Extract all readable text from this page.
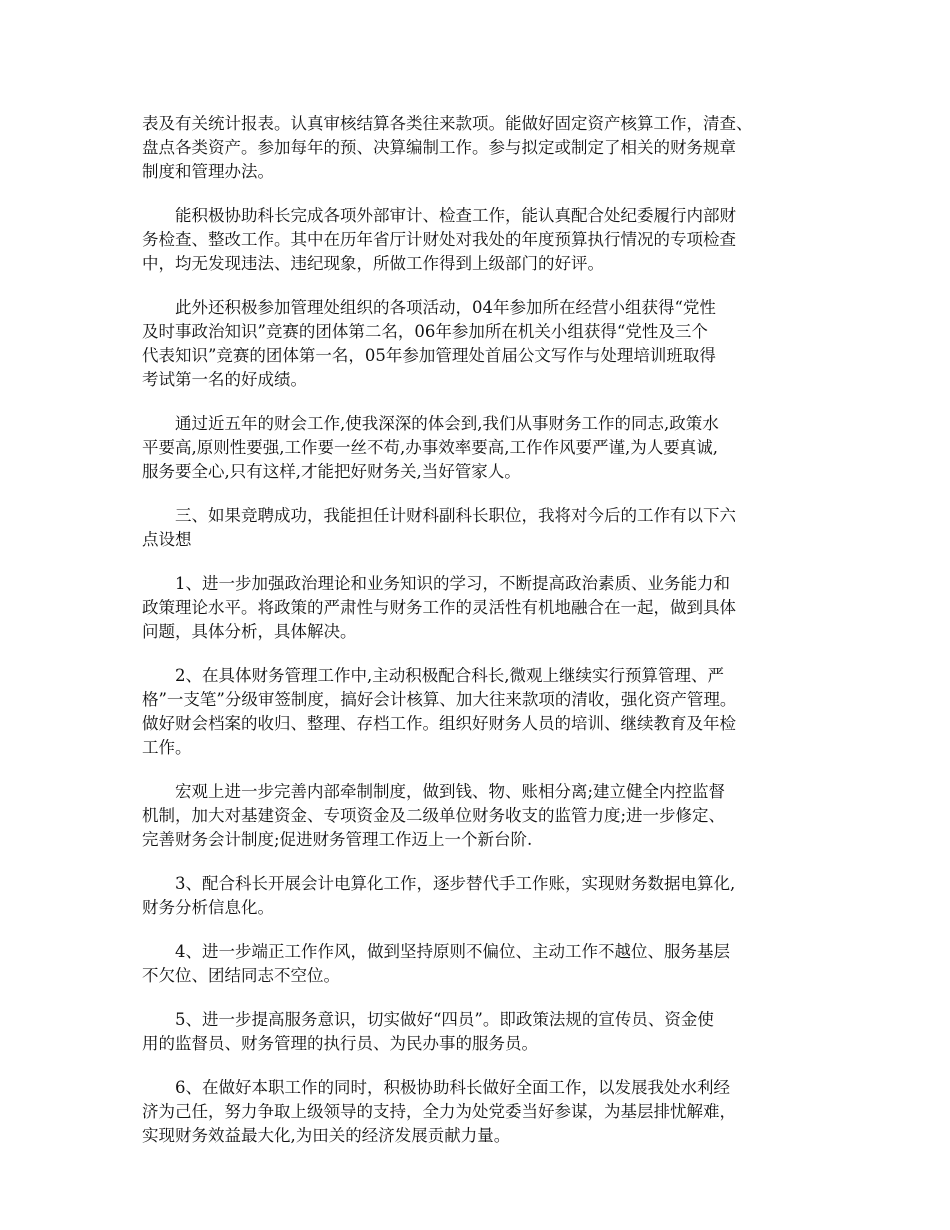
表及有关统计报表。认真审核结算各类往来款项。能做好固定资产核算工作，清查、
盘点各类资产。参加每年的预、决算编制工作。参与拟定或制定了相关的财务规章
制度和管理办法。
　　能积极协助科长完成各项外部审计、检查工作，能认真配合处纪委履行内部财
务检查、整改工作。其中在历年省厅计财处对我处的年度预算执行情况的专项检查
中，均无发现违法、违纪现象，所做工作得到上级部门的好评。
　　此外还积极参加管理处组织的各项活动，04年参加所在经营小组获得“党性
及时事政治知识”竞赛的团体第二名，06年参加所在机关小组获得“党性及三个
代表知识”竞赛的团体第一名，05年参加管理处首届公文写作与处理培训班取得
考试第一名的好成绩。
　　通过近五年的财会工作,使我深深的体会到,我们从事财务工作的同志,政策水
平要高,原则性要强,工作要一丝不苟,办事效率要高,工作作风要严谨,为人要真诚,
服务要全心,只有这样,才能把好财务关,当好管家人。
　　三、如果竞聘成功，我能担任计财科副科长职位，我将对今后的工作有以下六
点设想
　　1、进一步加强政治理论和业务知识的学习，不断提高政治素质、业务能力和
政策理论水平。将政策的严肃性与财务工作的灵活性有机地融合在一起，做到具体
问题，具体分析，具体解决。
　　2、在具体财务管理工作中,主动积极配合科长,微观上继续实行预算管理、严
格”一支笔”分级审签制度，搞好会计核算、加大往来款项的清收，强化资产管理。
做好财会档案的收归、整理、存档工作。组织好财务人员的培训、继续教育及年检
工作。
　　宏观上进一步完善内部牵制制度，做到钱、物、账相分离;建立健全内控监督
机制，加大对基建资金、专项资金及二级单位财务收支的监管力度;进一步修定、
完善财务会计制度;促进财务管理工作迈上一个新台阶.
　　3、配合科长开展会计电算化工作，逐步替代手工作账，实现财务数据电算化,
财务分析信息化。
　　4、进一步端正工作作风，做到坚持原则不偏位、主动工作不越位、服务基层
不欠位、团结同志不空位。
　　5、进一步提高服务意识，切实做好“四员”。即政策法规的宣传员、资金使
用的监督员、财务管理的执行员、为民办事的服务员。
　　6、在做好本职工作的同时，积极协助科长做好全面工作，以发展我处水利经
济为己任，努力争取上级领导的支持，全力为处党委当好参谋，为基层排忧解难，
实现财务效益最大化,为田关的经济发展贡献力量。
